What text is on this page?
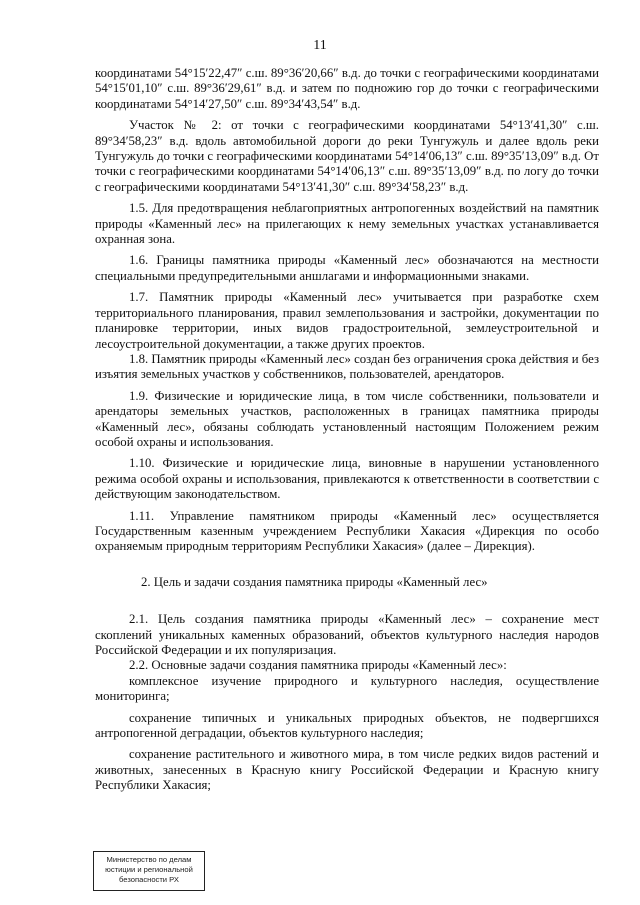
11

координатами 54°15′22,47″ с.ш. 89°36′20,66″ в.д. до точки с географическими координатами 54°15′01,10″ с.ш. 89°36′29,61″ в.д. и затем по подножию гор до точки с географическими координатами 54°14′27,50″ с.ш. 89°34′43,54″ в.д.

Участок № 2: от точки с географическими координатами 54°13′41,30″ с.ш. 89°34′58,23″ в.д. вдоль автомобильной дороги до реки Тунгужуль и далее вдоль реки Тунгужуль до точки с географическими координатами 54°14′06,13″ с.ш. 89°35′13,09″ в.д. От точки с географическими координатами 54°14′06,13″ с.ш. 89°35′13,09″ в.д. по логу до точки с географическими координатами 54°13′41,30″ с.ш. 89°34′58,23″ в.д.

1.5. Для предотвращения неблагоприятных антропогенных воздействий на памятник природы «Каменный лес» на прилегающих к нему земельных участках устанавливается охранная зона.

1.6. Границы памятника природы «Каменный лес» обозначаются на местности специальными предупредительными аншлагами и информационными знаками.

1.7. Памятник природы «Каменный лес» учитывается при разработке схем территориального планирования, правил землепользования и застройки, документации по планировке территории, иных видов градостроительной, землеустроительной и лесоустроительной документации, а также других проектов.

1.8. Памятник природы «Каменный лес» создан без ограничения срока действия и без изъятия земельных участков у собственников, пользователей, арендаторов.

1.9. Физические и юридические лица, в том числе собственники, пользователи и арендаторы земельных участков, расположенных в границах памятника природы «Каменный лес», обязаны соблюдать установленный настоящим Положением режим особой охраны и использования.

1.10. Физические и юридические лица, виновные в нарушении установленного режима особой охраны и использования, привлекаются к ответственности в соответствии с действующим законодательством.

1.11. Управление памятником природы «Каменный лес» осуществляется Государственным казенным учреждением Республики Хакасия «Дирекция по особо охраняемым природным территориям Республики Хакасия» (далее – Дирекция).

2. Цель и задачи создания памятника природы «Каменный лес»

2.1. Цель создания памятника природы «Каменный лес» – сохранение мест скоплений уникальных каменных образований, объектов культурного наследия народов Российской Федерации и их популяризация.

2.2. Основные задачи создания памятника природы «Каменный лес»:

комплексное изучение природного и культурного наследия, осуществление мониторинга;

сохранение типичных и уникальных природных объектов, не подвергшихся антропогенной деградации, объектов культурного наследия;

сохранение растительного и животного мира, в том числе редких видов растений и животных, занесенных в Красную книгу Российской Федерации и Красную книгу Республики Хакасия;

Министерство по делам
юстиции и региональной
безопасности РХ
